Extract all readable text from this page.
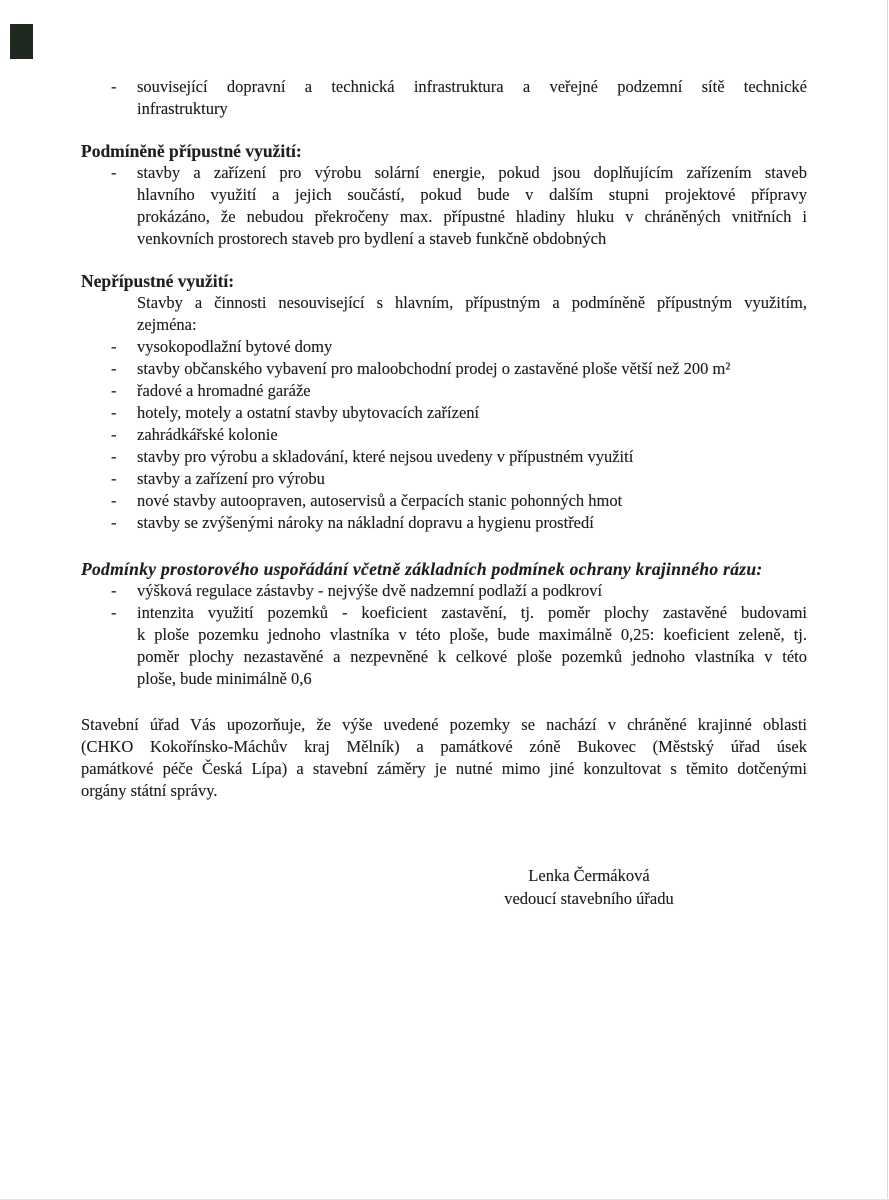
- související dopravní a technická infrastruktura a veřejné podzemní sítě technické
infrastruktury
Podmíněně přípustné využití:
- stavby a zařízení pro výrobu solární energie, pokud jsou doplňujícím zařízením staveb
hlavního využití a jejich součástí, pokud bude v dalším stupni projektové přípravy
prokázáno, že nebudou překročeny max. přípustné hladiny hluku v chráněných vnitřních i
venkovních prostorech staveb pro bydlení a staveb funkčně obdobných
Nepřípustné využití:
Stavby a činnosti nesouvisející s hlavním, přípustným a podmíněně přípustným využitím,
zejména:
- vysokopodlažní bytové domy
- stavby občanského vybavení pro maloobchodní prodej o zastavěné ploše větší než 200 m²
- řadové a hromadné garáže
- hotely, motely a ostatní stavby ubytovacích zařízení
- zahrádkářské kolonie
- stavby pro výrobu a skladování, které nejsou uvedeny v přípustném využití
- stavby a zařízení pro výrobu
- nové stavby autoopraven, autoservisů a čerpacích stanic pohonných hmot
- stavby se zvýšenými nároky na nákladní dopravu a hygienu prostředí
Podmínky prostorového uspořádání včetně základních podmínek ochrany krajinného rázu:
- výšková regulace zástavby - nejvýše dvě nadzemní podlaží a podkroví
- intenzita využití pozemků - koeficient zastavění, tj. poměr plochy zastavěné budovami
k ploše pozemku jednoho vlastníka v této ploše, bude maximálně 0,25: koeficient zeleně, tj.
poměr plochy nezastavěné a nezpevněné k celkové ploše pozemků jednoho vlastníka v této
ploše, bude minimálně 0,6
Stavební úřad Vás upozorňuje, že výše uvedené pozemky se nachází v chráněné krajinné oblasti
(CHKO Kokořínsko-Máchův kraj Mělník) a památkové zóně Bukovec (Městský úřad úsek
památkové péče Česká Lípa) a stavební záměry je nutné mimo jiné konzultovat s těmito dotčenými
orgány státní správy.
Lenka Čermáková
vedoucí stavebního úřadu
